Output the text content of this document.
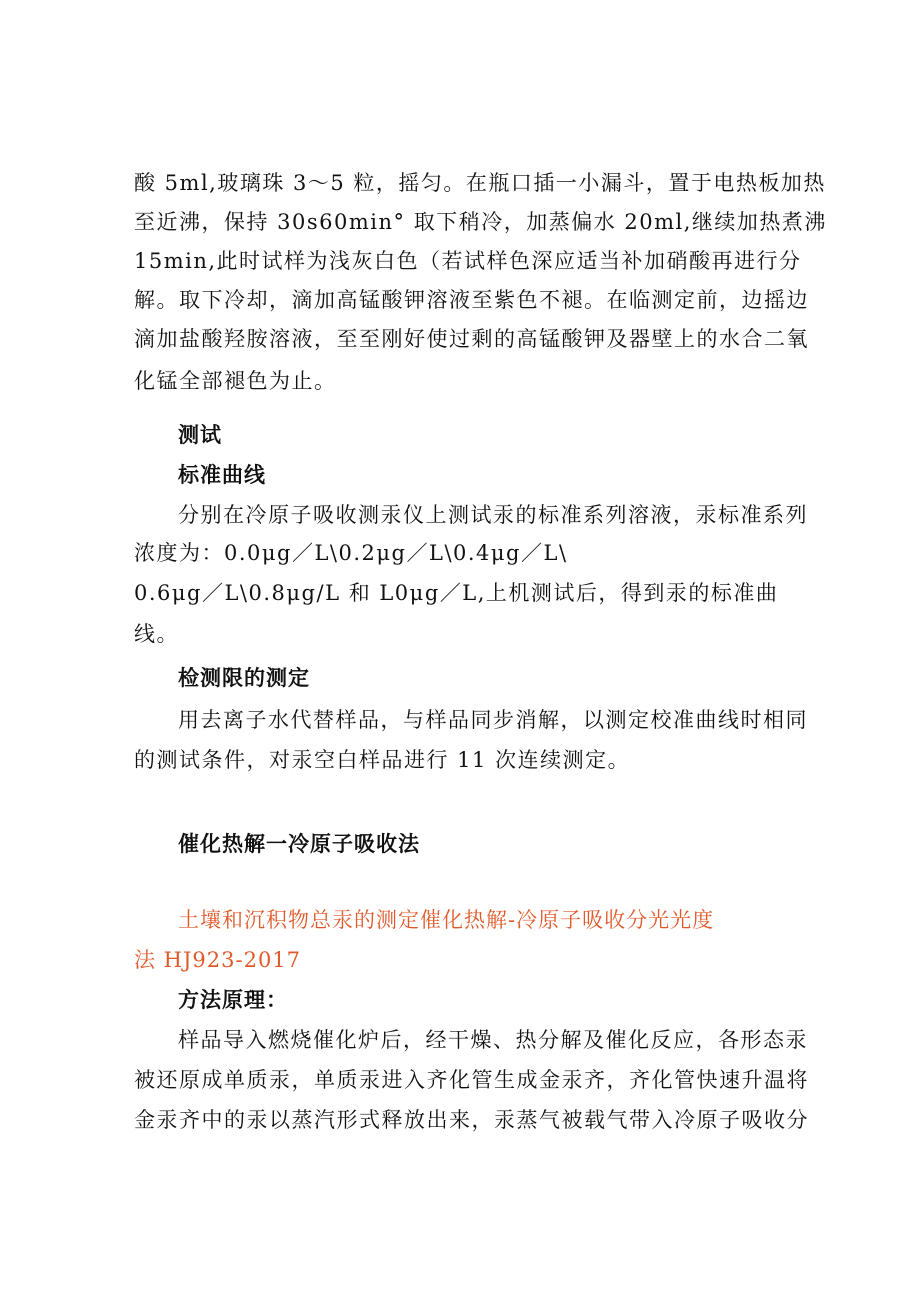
酸 5ml,玻璃珠 3～5 粒，摇匀。在瓶口插一小漏斗，置于电热板加热
至近沸，保持 30s60min° 取下稍冷，加蒸偏水 20ml,继续加热煮沸
15min,此时试样为浅灰白色（若试样色深应适当补加硝酸再进行分
解。取下冷却，滴加高锰酸钾溶液至紫色不褪。在临测定前，边摇边
滴加盐酸羟胺溶液，至至刚好使过剩的高锰酸钾及器壁上的水合二氧
化锰全部褪色为止。
测试
标准曲线
分别在冷原子吸收测汞仪上测试汞的标准系列溶液，汞标准系列
浓度为：0.0μg／L\0.2μg／L\0.4μg／L\
0.6μg／L\0.8μg/L 和 L0μg／L,上机测试后，得到汞的标准曲
线。
检测限的测定
用去离子水代替样品，与样品同步消解，以测定校准曲线时相同
的测试条件，对汞空白样品进行 11 次连续测定。
催化热解一冷原子吸收法
土壤和沉积物总汞的测定催化热解-冷原子吸收分光光度
法 HJ923-2017
方法原理：
样品导入燃烧催化炉后，经干燥、热分解及催化反应，各形态汞
被还原成单质汞，单质汞进入齐化管生成金汞齐，齐化管快速升温将
金汞齐中的汞以蒸汽形式释放出来，汞蒸气被载气带入冷原子吸收分
